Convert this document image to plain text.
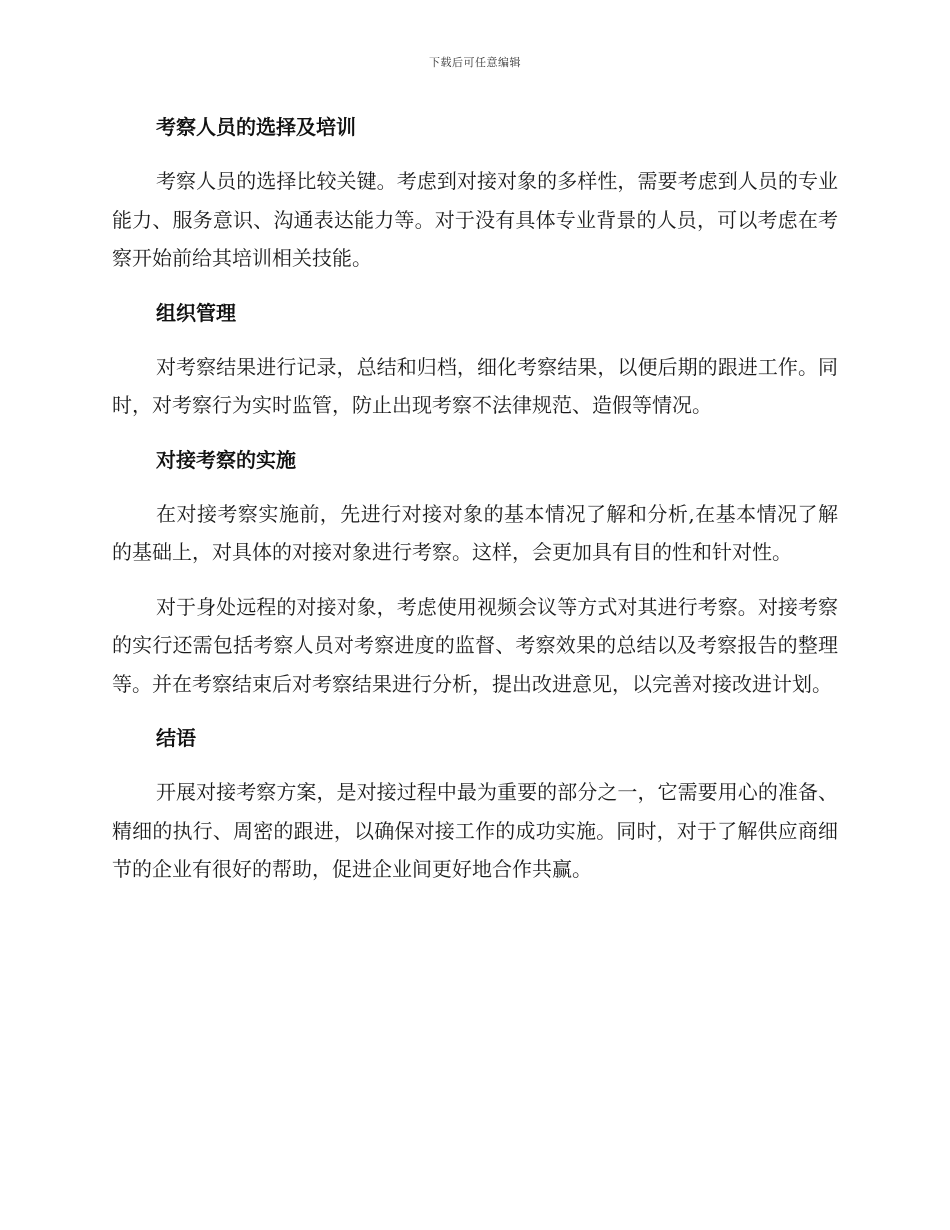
下载后可任意编辑
考察人员的选择及培训

考察人员的选择比较关键。考虑到对接对象的多样性，需要考虑到人员的专业能力、服务意识、沟通表达能力等。对于没有具体专业背景的人员，可以考虑在考察开始前给其培训相关技能。

组织管理

对考察结果进行记录，总结和归档，细化考察结果，以便后期的跟进工作。同时，对考察行为实时监管，防止出现考察不法律规范、造假等情况。

对接考察的实施

在对接考察实施前，先进行对接对象的基本情况了解和分析,在基本情况了解的基础上，对具体的对接对象进行考察。这样，会更加具有目的性和针对性。

对于身处远程的对接对象，考虑使用视频会议等方式对其进行考察。对接考察的实行还需包括考察人员对考察进度的监督、考察效果的总结以及考察报告的整理等。并在考察结束后对考察结果进行分析，提出改进意见，以完善对接改进计划。

结语

开展对接考察方案，是对接过程中最为重要的部分之一，它需要用心的准备、精细的执行、周密的跟进，以确保对接工作的成功实施。同时，对于了解供应商细节的企业有很好的帮助，促进企业间更好地合作共赢。
